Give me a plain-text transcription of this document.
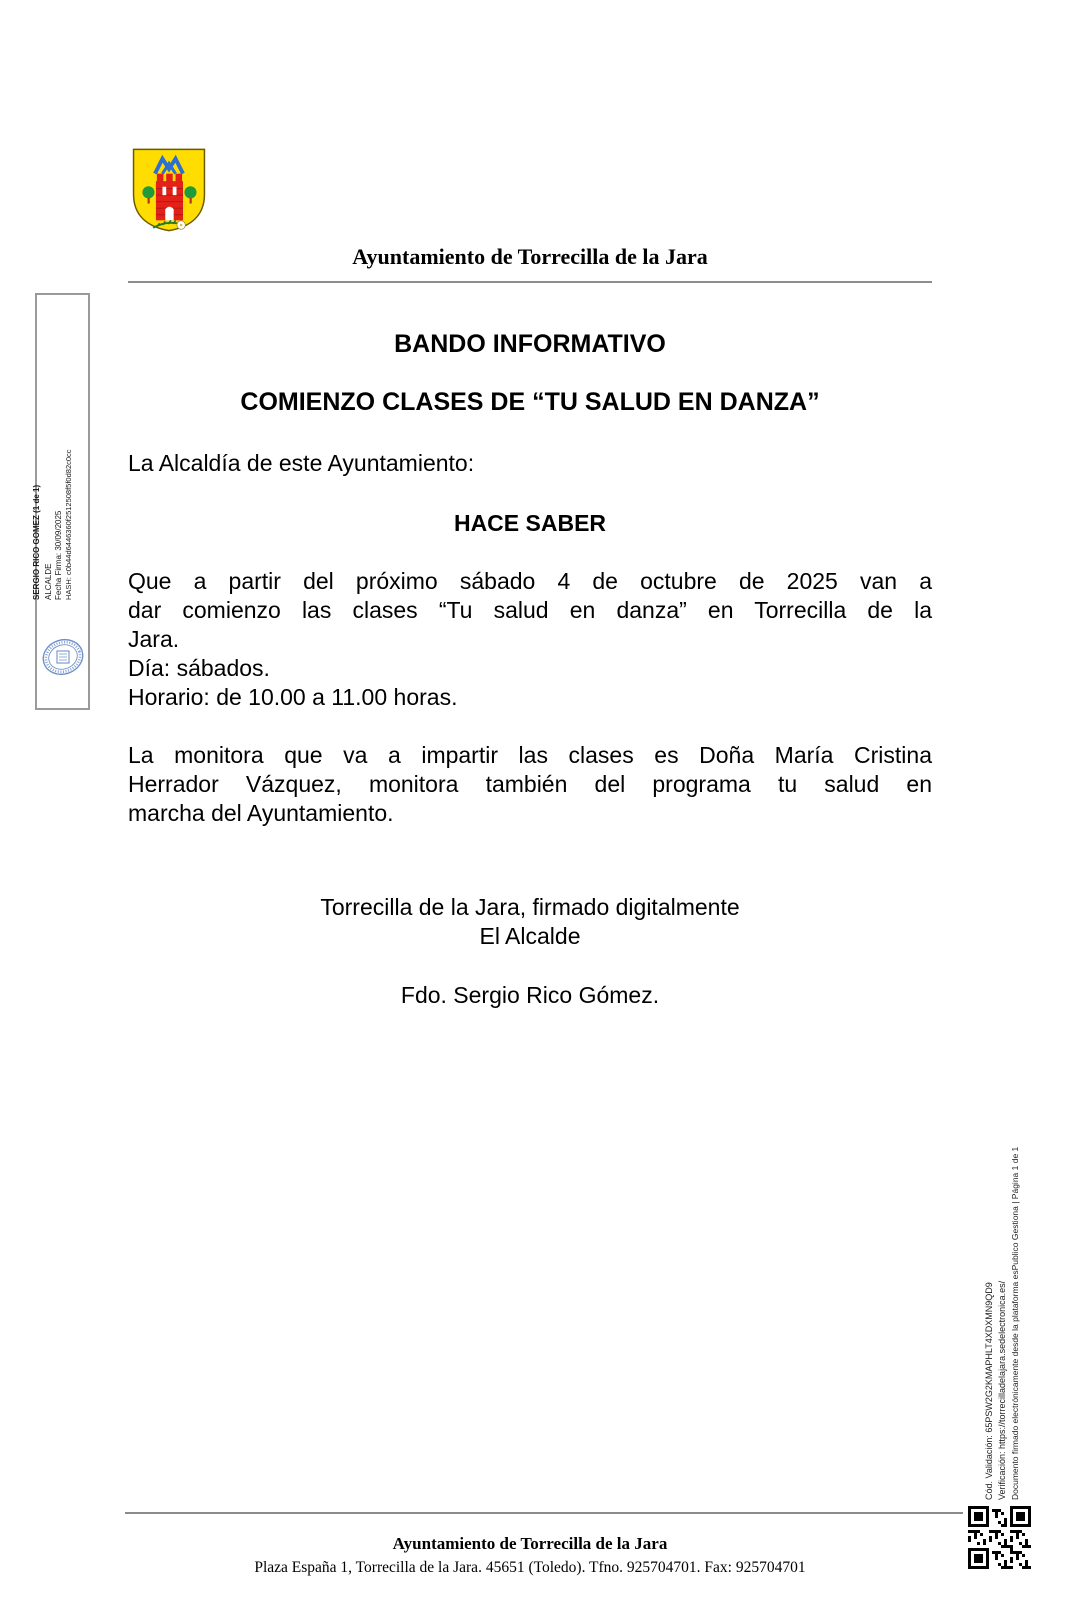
Ayuntamiento de Torrecilla de la Jara
SERGIO RICO GOMEZ (1 de 1) ALCALDE Fecha Firma: 30/09/2025 HASH: c0b44d6446360f2512508f5f0d82c0cc
BANDO INFORMATIVO
COMIENZO CLASES DE “TU SALUD EN DANZA”
La Alcaldía de este Ayuntamiento:
HACE SABER
Que a partir del próximo sábado 4 de octubre de 2025 van a
dar comienzo las clases “Tu salud en danza” en Torrecilla de la
Jara.
Día: sábados.
Horario: de 10.00 a 11.00 horas.
La monitora que va a impartir las clases es Doña María Cristina
Herrador Vázquez, monitora también del programa tu salud en
marcha del Ayuntamiento.
Torrecilla de la Jara, firmado digitalmente
El Alcalde
Fdo. Sergio Rico Gómez.
Cód. Validación: 65PSW2G2KMAPHLT4XDXMN9QD9 Verificación: https://torrecilladelajara.sedelectronica.es/ Documento firmado electrónicamente desde la plataforma esPublico Gestiona | Página 1 de 1
Ayuntamiento de Torrecilla de la Jara
Plaza España 1, Torrecilla de la Jara. 45651 (Toledo). Tfno. 925704701. Fax: 925704701
